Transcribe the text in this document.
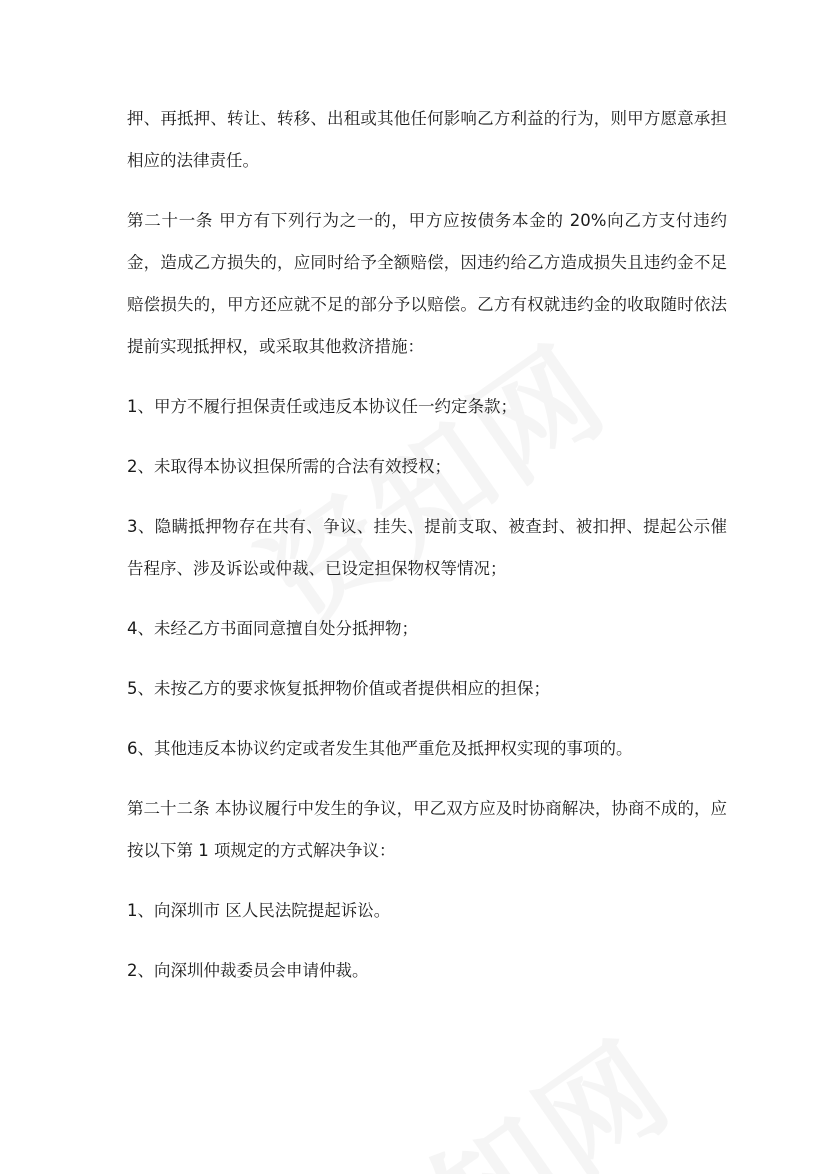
押、再抵押、转让、转移、出租或其他任何影响乙方利益的行为，则甲方愿意承担相应的法律责任。

第二十一条 甲方有下列行为之一的，甲方应按债务本金的 20%向乙方支付违约金，造成乙方损失的，应同时给予全额赔偿，因违约给乙方造成损失且违约金不足赔偿损失的，甲方还应就不足的部分予以赔偿。乙方有权就违约金的收取随时依法提前实现抵押权，或采取其他救济措施：

1、甲方不履行担保责任或违反本协议任一约定条款；

2、未取得本协议担保所需的合法有效授权；

3、隐瞒抵押物存在共有、争议、挂失、提前支取、被查封、被扣押、提起公示催告程序、涉及诉讼或仲裁、已设定担保物权等情况；

4、未经乙方书面同意擅自处分抵押物；

5、未按乙方的要求恢复抵押物价值或者提供相应的担保；

6、其他违反本协议约定或者发生其他严重危及抵押权实现的事项的。

第二十二条 本协议履行中发生的争议，甲乙双方应及时协商解决，协商不成的，应按以下第 1 项规定的方式解决争议：

1、向深圳市 区人民法院提起诉讼。

2、向深圳仲裁委员会申请仲裁。
